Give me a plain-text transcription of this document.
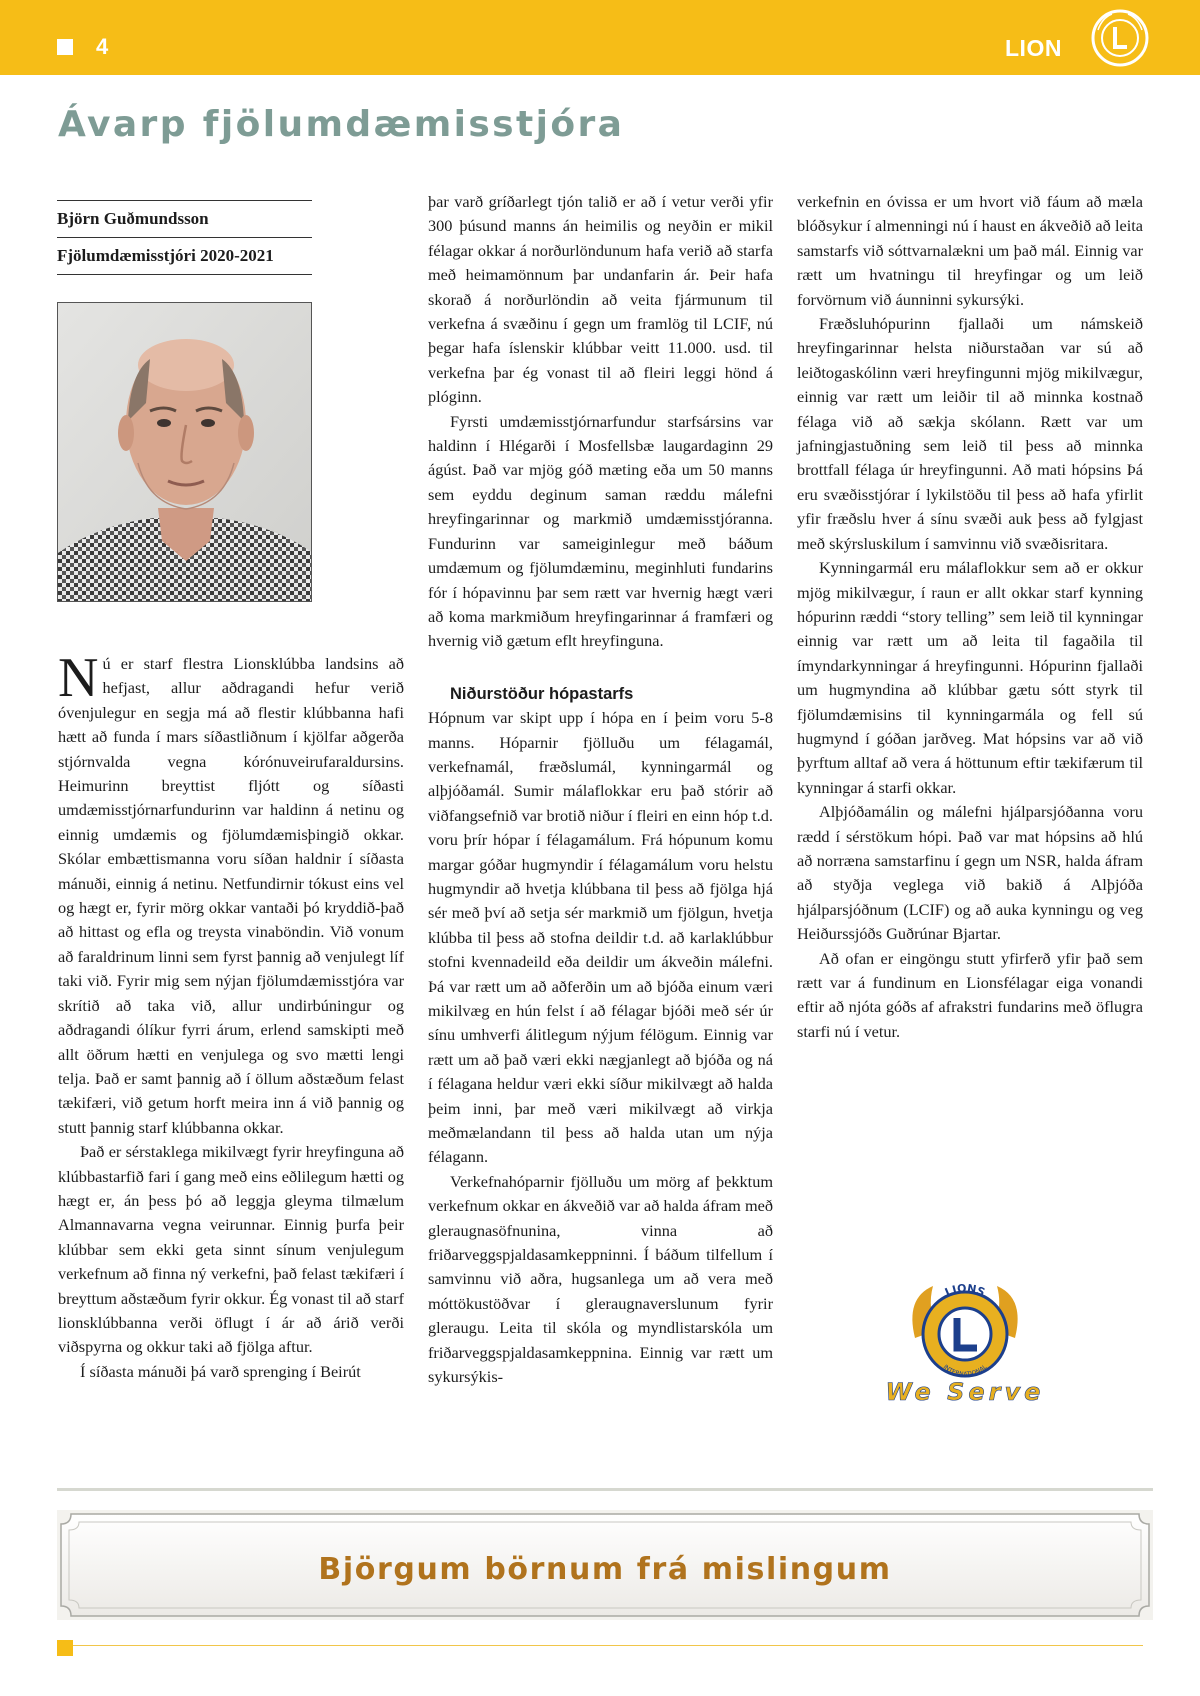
4	LION
Ávarp fjölumdæmisstjóra
Björn Guðmundsson
Fjölumdæmisstjóri 2020-2021

Nú er starf flestra Lionsklúbba landsins að hefjast, allur aðdragandi hefur verið óvenjulegur en segja má að flestir klúbbanna hafi hætt að funda í mars síðastliðnum í kjölfar aðgerða stjórnvalda vegna kórónuveirufaraldursins. Heimurinn breyttist fljótt og síðasti umdæmisstjórnarfundurinn var haldinn á netinu og einnig umdæmis og fjölumdæmisþingið okkar. Skólar embættismanna voru síðan haldnir í síðasta mánuði, einnig á netinu. Netfundirnir tókust eins vel og hægt er, fyrir mörg okkar vantaði þó kryddið-það að hittast og efla og treysta vinaböndin. Við vonum að faraldrinum linni sem fyrst þannig að venjulegt líf taki við. Fyrir mig sem nýjan fjölumdæmisstjóra var skrítið að taka við, allur undirbúningur og aðdragandi ólíkur fyrri árum, erlend samskipti með allt öðrum hætti en venjulega og svo mætti lengi telja. Það er samt þannig að í öllum aðstæðum felast tækifæri, við getum horft meira inn á við þannig og stutt þannig starf klúbbanna okkar.

Það er sérstaklega mikilvægt fyrir hreyfinguna að klúbbastarfið fari í gang með eins eðlilegum hætti og hægt er, án þess þó að leggja gleyma tilmælum Almannavarna vegna veirunnar. Einnig þurfa þeir klúbbar sem ekki geta sinnt sínum venjulegum verkefnum að finna ný verkefni, það felast tækifæri í breyttum aðstæðum fyrir okkur. Ég vonast til að starf lionsklúbbanna verði öflugt í ár að árið verði viðspyrna og okkur taki að fjölga aftur.

Í síðasta mánuði þá varð sprenging í Beirút

þar varð gríðarlegt tjón talið er að í vetur verði yfir 300 þúsund manns án heimilis og neyðin er mikil félagar okkar á norðurlöndunum hafa verið að starfa með heimamönnum þar undanfarin ár. Þeir hafa skorað á norðurlöndin að veita fjármunum til verkefna á svæðinu í gegn um framlög til LCIF, nú þegar hafa íslenskir klúbbar veitt 11.000. usd. til verkefna þar ég vonast til að fleiri leggi hönd á plóginn.

Fyrsti umdæmisstjórnarfundur starfsársins var haldinn í Hlégarði í Mosfellsbæ laugardaginn 29 ágúst. Það var mjög góð mæting eða um 50 manns sem eyddu deginum saman ræddu málefni hreyfingarinnar og markmið umdæmisstjóranna. Fundurinn var sameiginlegur með báðum umdæmum og fjölumdæminu, meginhluti fundarins fór í hópavinnu þar sem rætt var hvernig hægt væri að koma markmiðum hreyfingarinnar á framfæri og hvernig við gætum eflt hreyfinguna.

Niðurstöður hópastarfs

Hópnum var skipt upp í hópa en í þeim voru 5-8 manns. Hóparnir fjölluðu um félagamál, verkefnamál, fræðslumál, kynningarmál og alþjóðamál. Sumir málaflokkar eru það stórir að viðfangsefnið var brotið niður í fleiri en einn hóp t.d. voru þrír hópar í félagamálum. Frá hópunum komu margar góðar hugmyndir í félagamálum voru helstu hugmyndir að hvetja klúbbana til þess að fjölga hjá sér með því að setja sér markmið um fjölgun, hvetja klúbba til þess að stofna deildir t.d. að karlaklúbbur stofni kvennadeild eða deildir um ákveðin málefni. Þá var rætt um að aðferðin um að bjóða einum væri mikilvæg en hún felst í að félagar bjóði með sér úr sínu umhverfi álitlegum nýjum félögum. Einnig var rætt um að það væri ekki nægjanlegt að bjóða og ná í félagana heldur væri ekki síður mikilvægt að halda þeim inni, þar með væri mikilvægt að virkja meðmælandann til þess að halda utan um nýja félagann.

Verkefnahóparnir fjölluðu um mörg af þekktum verkefnum okkar en ákveðið var að halda áfram með gleraugnasöfnunina, vinna að friðarveggspjaldasamkeppninni. Í báðum tilfellum í samvinnu við aðra, hugsanlega um að vera með móttökustöðvar í gleraugnaverslunum fyrir gleraugu. Leita til skóla og myndlistarskóla um friðarveggspjaldasamkeppnina. Einnig var rætt um sykursýkis-

verkefnin en óvissa er um hvort við fáum að mæla blóðsykur í almenningi nú í haust en ákveðið að leita samstarfs við sóttvarnalækni um það mál. Einnig var rætt um hvatningu til hreyfingar og um leið forvörnum við áunninni sykursýki.

Fræðsluhópurinn fjallaði um námskeið hreyfingarinnar helsta niðurstaðan var sú að leiðtogaskólinn væri hreyfingunni mjög mikilvægur, einnig var rætt um leiðir til að minnka kostnað félaga við að sækja skólann. Rætt var um jafningjastuðning sem leið til þess að minnka brottfall félaga úr hreyfingunni. Að mati hópsins Þá eru svæðisstjórar í lykilstöðu til þess að hafa yfirlit yfir fræðslu hver á sínu svæði auk þess að fylgjast með skýrsluskilum í samvinnu við svæðisritara.

Kynningarmál eru málaflokkur sem að er okkur mjög mikilvægur, í raun er allt okkar starf kynning hópurinn ræddi “story telling” sem leið til kynningar einnig var rætt um að leita til fagaðila til ímyndarkynningar á hreyfingunni. Hópurinn fjallaði um hugmyndina að klúbbar gætu sótt styrk til fjölumdæmisins til kynningarmála og fell sú hugmynd í góðan jarðveg. Mat hópsins var að við þyrftum alltaf að vera á höttunum eftir tækifærum til kynningar á starfi okkar.

Alþjóðamálin og málefni hjálparsjóðanna voru rædd í sérstökum hópi. Það var mat hópsins að hlú að norræna samstarfinu í gegn um NSR, halda áfram að styðja veglega við bakið á Alþjóða hjálparsjóðnum (LCIF) og að auka kynningu og veg Heiðurssjóðs Guðrúnar Bjartar.

Að ofan er eingöngu stutt yfirferð yfir það sem rætt var á fundinum en Lionsfélagar eiga vonandi eftir að njóta góðs af afrakstri fundarins með öflugra starfi nú í vetur.

LIONS
INTERNATIONAL
We Serve
Björgum börnum frá mislingum
